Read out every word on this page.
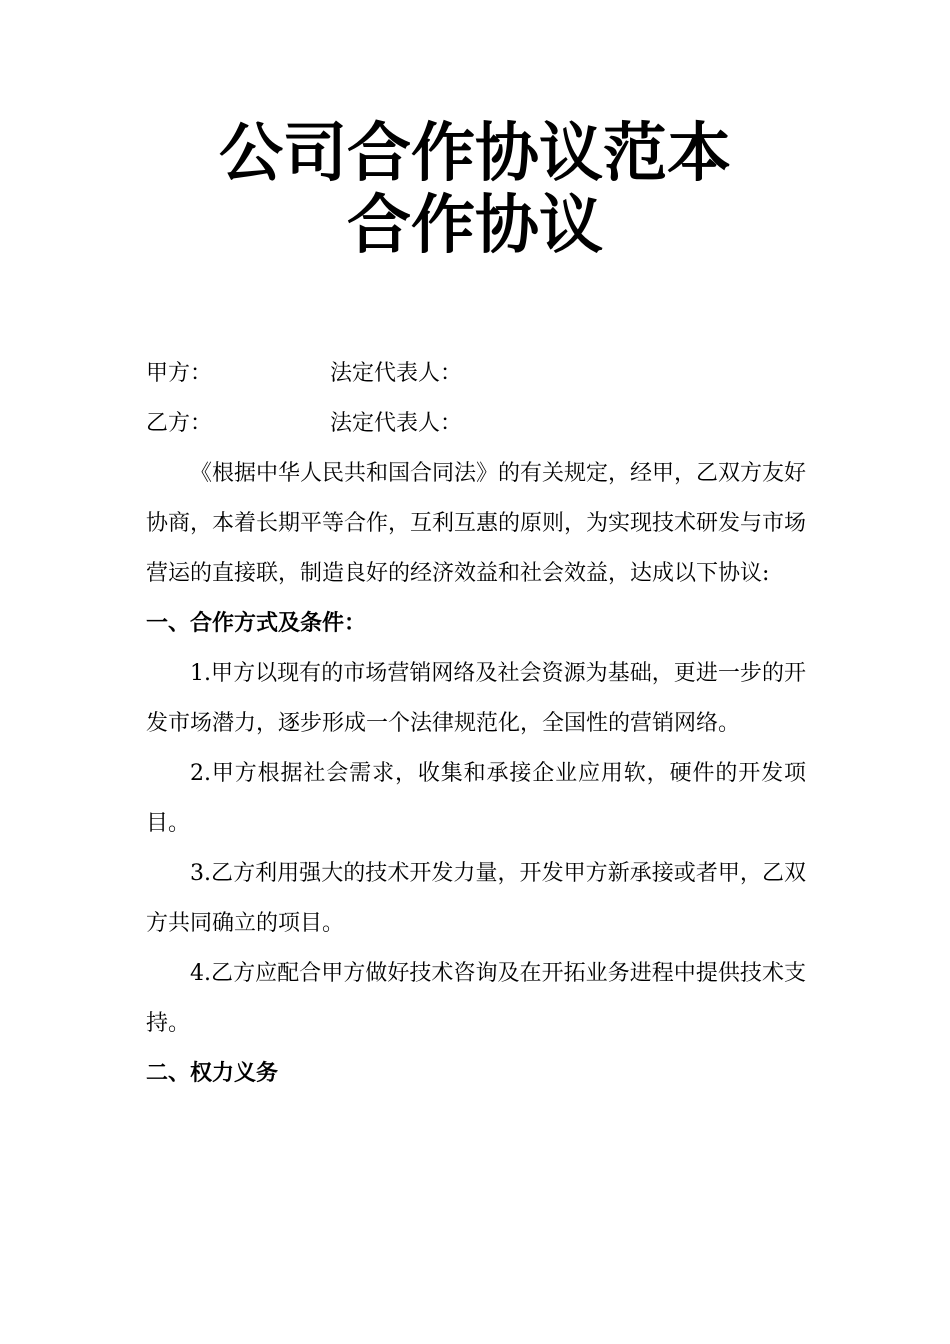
公司合作协议范本
合作协议
甲方：	法定代表人：
乙方：	法定代表人：
《根据中华人民共和国合同法》的有关规定，经甲，乙双方友好协商，本着长期平等合作，互利互惠的原则，为实现技术研发与市场营运的直接联，制造良好的经济效益和社会效益，达成以下协议:
一、合作方式及条件：
1.甲方以现有的市场营销网络及社会资源为基础，更进一步的开发市场潜力，逐步形成一个法律规范化，全国性的营销网络。
2.甲方根据社会需求，收集和承接企业应用软，硬件的开发项目。
3.乙方利用强大的技术开发力量，开发甲方新承接或者甲，乙双方共同确立的项目。
4.乙方应配合甲方做好技术咨询及在开拓业务进程中提供技术支持。
二、权力义务
